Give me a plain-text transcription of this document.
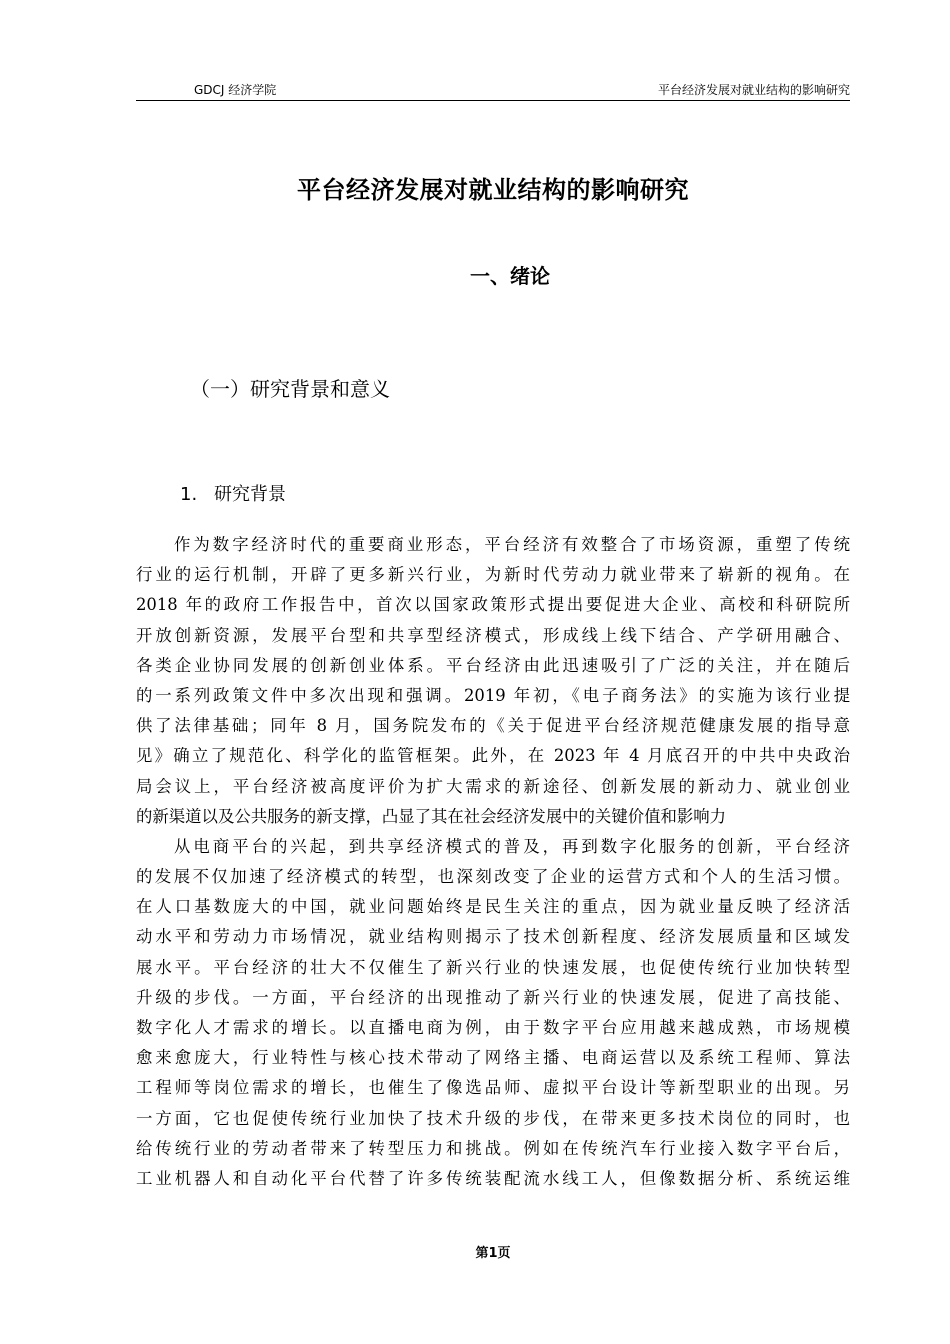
GDCJ 经济学院	平台经济发展对就业结构的影响研究
平台经济发展对就业结构的影响研究
一、绪论
（一）研究背景和意义
1. 研究背景
作为数字经济时代的重要商业形态，平台经济有效整合了市场资源，重塑了传统
行业的运行机制，开辟了更多新兴行业，为新时代劳动力就业带来了崭新的视角。在
2018 年的政府工作报告中，首次以国家政策形式提出要促进大企业、高校和科研院所
开放创新资源，发展平台型和共享型经济模式，形成线上线下结合、产学研用融合、
各类企业协同发展的创新创业体系。平台经济由此迅速吸引了广泛的关注，并在随后
的一系列政策文件中多次出现和强调。2019 年初，《电子商务法》的实施为该行业提
供了法律基础；同年 8 月，国务院发布的《关于促进平台经济规范健康发展的指导意
见》确立了规范化、科学化的监管框架。此外，在 2023 年 4 月底召开的中共中央政治
局会议上，平台经济被高度评价为扩大需求的新途径、创新发展的新动力、就业创业
的新渠道以及公共服务的新支撑，凸显了其在社会经济发展中的关键价值和影响力
从电商平台的兴起，到共享经济模式的普及，再到数字化服务的创新，平台经济
的发展不仅加速了经济模式的转型，也深刻改变了企业的运营方式和个人的生活习惯。
在人口基数庞大的中国，就业问题始终是民生关注的重点，因为就业量反映了经济活
动水平和劳动力市场情况，就业结构则揭示了技术创新程度、经济发展质量和区域发
展水平。平台经济的壮大不仅催生了新兴行业的快速发展，也促使传统行业加快转型
升级的步伐。一方面，平台经济的出现推动了新兴行业的快速发展，促进了高技能、
数字化人才需求的增长。以直播电商为例，由于数字平台应用越来越成熟，市场规模
愈来愈庞大，行业特性与核心技术带动了网络主播、电商运营以及系统工程师、算法
工程师等岗位需求的增长，也催生了像选品师、虚拟平台设计等新型职业的出现。另
一方面，它也促使传统行业加快了技术升级的步伐，在带来更多技术岗位的同时，也
给传统行业的劳动者带来了转型压力和挑战。例如在传统汽车行业接入数字平台后，
工业机器人和自动化平台代替了许多传统装配流水线工人，但像数据分析、系统运维
第1页
